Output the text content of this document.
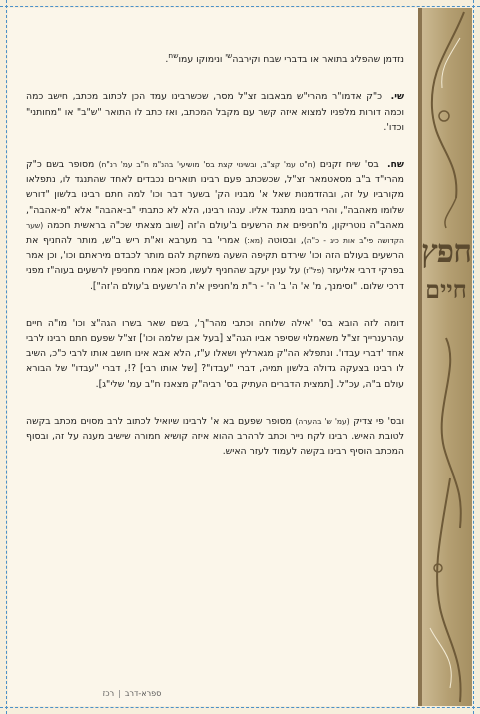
חפץ
חיים

נזדמן שהפליג בתואר או בדברי שבח וקירבה$^{שי}$ ונימוקו עמו$^{שח}$.

שי. כ"ק אדמו"ר מהרי"ש מבאבוב זצ"ל מסר, שכשרבינו עמד הכן לכתוב מכתב, חישב כמה וכמה דורות מלפניו למצוא איזה קשר עם מקבל המכתב, ואז כתב לו התואר "ש"ב" או "מחותני" וכדו'.

שח. בס' שיח זקנים (ח"ט עמ' קצ"ב, ובשינוי קצת בס' מושיעי' בהנ"מ ח"ב עמ' רנ"ח) מסופר בשם כ"ק מהרי"ד ב"ב מסאטמאר זצ"ל, שכשכתב פעם רבינו תוארים נכבדים לאחד שהתנגד לו, נתפלאו מקורביו על זה, ובהזדמנות שאל א' מבניו הק' בשער דבר וכו' למה חתם רבינו בלשון "דורש שלומו מאהבה", והרי רבינו מתנגד אליו. ענהו רבינו, הלא לא כתבתי "ב-אהבה" אלא "מ-אהבה", מאהב"ה נוטריקון, מ'חניפים את הרשעים ב'עולם ה'זה [שוב מצאתי שכ"ה בראשית חכמה (שער הקדושה פי"ב אות כיג - כ"ה), ובסוטה (מא:) אמרי' בר מערבא וא"ת ריש ב"ש, מותר להחניף את הרשעים בעולם הזה וכו' שירדם תקיפה השעה משחקת להם מותר לכבדם מיראתם וכו', וכן אמר בפרקי דרבי אליעזר (פל"ז) על ענין יעקב שהחניף לעשו, מכאן אמרו מחניפין לרשעים בעוה"ז מפני דרכי שלום. "וסימנך, מ' א' ה' ב' ה' - ר"ת מ'חניפין א'ת ה'רשעים ב'עולם ה'זה"].

דומה לזה הובא בס' 'אילה שלוחה וכתבי מהר"ך', בשם שאר בשרו הגה"צ וכו' מו"ה חיים עהרענרייך זצ"ל משאמלוי שסיפר אביו הגה"צ [בעל אבן שלמה וכו'] זצ"ל שפעם חתם רבינו לרבי אחד 'דברי עבדו'. ונתפלא הה"ק מגארליץ ושאלו ע"ז, הלא אבא אינו חושב אותו לרבי כ"כ, השיב לו רבינו בצעקה גדולה בלשון תמיה, דברי "עבדו"? [של אותו רבי] ?!, דברי "עבדו" של הבורא עולם ב"ה, עכ"ל. [תמצית הדברים העתיק בס' רביה"ק מצאנז ח"ב עמ' שלי"ג].

ובס' פי צדיק (עמ' ש' בהערה) מסופר שפעם בא א' לרבינו שיואיל לכתוב לרב מסוים מכתב בקשה לטובת האיש. רבינו לקח נייר וכתב לרהרב ההוא איזה קושיא חמורה שישיב מענה על זה, ובסוף המכתב הוסיף רבינו בקשה לעמוד לעזר האיש.

ספרא-דרב|רכז
